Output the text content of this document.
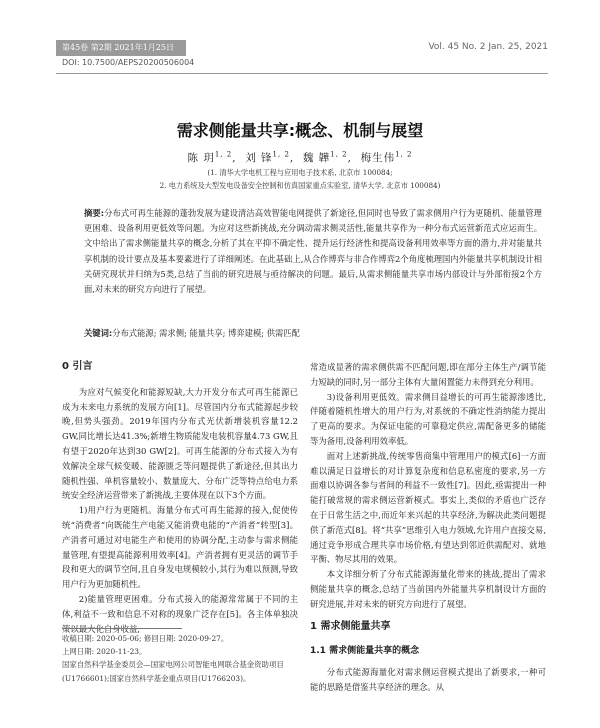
第45卷 第2期 2021年1月25日	Vol. 45 No. 2 Jan. 25, 2021
DOI: 10.7500/AEPS20200506004
需求侧能量共享:概念、机制与展望
陈 玥$^{1, 2}$,  刘 锋$^{1, 2}$,  魏 韡$^{1, 2}$,  梅生伟$^{1, 2}$
(1. 清华大学电机工程与应用电子技术系, 北京市 100084;
2. 电力系统及大型发电设备安全控制和仿真国家重点实验室, 清华大学, 北京市 100084)
摘要:分布式可再生能源的蓬勃发展为建设清洁高效智能电网提供了新途径,但同时也导致了需求侧用户行为更随机、能量管理更困难、设备利用更低效等问题。为应对这些新挑战,充分调动需求侧灵活性,能量共享作为一种分布式运营新范式应运而生。文中给出了需求侧能量共享的概念,分析了其在平抑不确定性、提升运行经济性和提高设备利用效率等方面的潜力,并对能量共享机制的设计要点及基本要素进行了详细阐述。在此基础上,从合作博弈与非合作博弈2个角度梳理国内外能量共享机制设计相关研究现状并归纳为5类,总结了当前的研究进展与亟待解决的问题。最后,从需求侧能量共享市场内部设计与外部衔接2个方面,对未来的研究方向进行了展望。
关键词:分布式能源; 需求侧; 能量共享; 博弈建模; 供需匹配
0 引言

为应对气候变化和能源短缺,大力开发分布式可再生能源已成为未来电力系统的发展方向[1]。尽管国内分布式能源起步较晚,但势头强劲。2019年国内分布式光伏新增装机容量12.2 GW,同比增长达41.3%;新增生物质能发电装机容量4.73 GW,且有望于2020年达到30 GW[2]。可再生能源的分布式接入为有效解决全球气候变暖、能源匮乏等问题提供了新途径,但其出力随机性强、单机容量较小、数量庞大、分布广泛等特点给电力系统安全经济运营带来了新挑战,主要体现在以下3个方面。

1)用户行为更随机。海量分布式可再生能源的接入,促使传统“消费者”向既能生产电能又能消费电能的“产消者”转型[3]。产消者可通过对电能生产和使用的协调分配,主动参与需求侧能量管理,有望提高能源利用效率[4]。产消者拥有更灵活的调节手段和更大的调节空间,且自身发电规模较小,其行为难以预测,导致用户行为更加随机性。

2)能量管理更困难。分布式接入的能源常常属于不同的主体,利益不一致和信息不对称的现象广泛存在[5]。各主体单独决策以最大化自身收益,

收稿日期: 2020-05-06; 修回日期: 2020-09-27。
上网日期: 2020-11-23。
国家自然科学基金委员会—国家电网公司智能电网联合基金资助项目(U1766601);国家自然科学基金重点项目(U1766203)。

常造成显著的需求侧供需不匹配问题,即在部分主体生产/调节能力短缺的同时,另一部分主体有大量闲置能力未得到充分利用。

3)设备利用更低效。需求侧目益增长的可再生能源渗透比,伴随着随机性增大的用户行为,对系统的不确定性消纳能力提出了更高的要求。为保证电能的可靠稳定供应,需配备更多的储能等为备用,设备利用效率低。

面对上述新挑战,传统零售商集中管理用户的模式[6]一方面难以满足日益增长的对计算复杂度和信息私密度的要求,另一方面难以协调各参与者间的利益不一致性[7]。因此,亟需提出一种能打破常规的需求侧运营新模式。事实上,类似的矛盾也广泛存在于日常生活之中,而近年来兴起的共享经济,为解决此类问题提供了新范式[8]。将“共享”思维引入电力领域,允许用户直接交易,通过竞争形成合理共享市场价格,有望达到邻近供需配对、就地平衡、物尽其用的效果。

本文详细分析了分布式能源海量化带来的挑战,提出了需求侧能量共享的概念,总结了当前国内外能量共享机制设计方面的研究进展,并对未来的研究方向进行了展望。

1 需求侧能量共享
1.1 需求侧能量共享的概念

分布式能源海量化对需求侧运营模式提出了新要求,一种可能的思路是借鉴共享经济的理念。从
